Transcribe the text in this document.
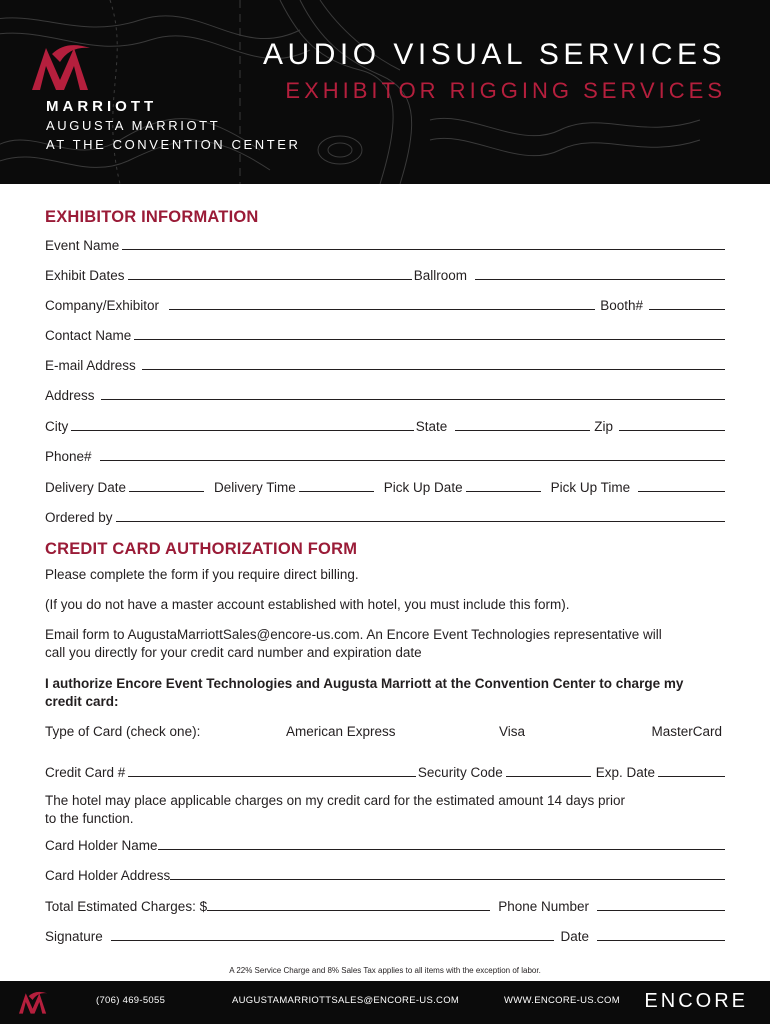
MARRIOTT
AUGUSTA MARRIOTT
AT THE CONVENTION CENTER
AUDIO VISUAL SERVICES
EXHIBITOR RIGGING SERVICES
EXHIBITOR INFORMATION
Event Name
Exhibit Dates	Ballroom
Company/Exhibitor	Booth#
Contact Name
E-mail Address
Address
City	State	Zip
Phone#
Delivery Date	Delivery Time	Pick Up Date	Pick Up Time
Ordered by
CREDIT CARD AUTHORIZATION FORM
Please complete the form if you require direct billing.
(If you do not have a master account established with hotel, you must include this form).
Email form to AugustaMarriottSales@encore-us.com. An Encore Event Technologies representative will
call you directly for your credit card number and expiration date
I authorize Encore Event Technologies and Augusta Marriott at the Convention Center to charge my
credit card:
Type of Card (check one):	American Express	Visa	MasterCard
Credit Card #	Security Code	Exp. Date
The hotel may place applicable charges on my credit card for the estimated amount 14 days prior
to the function.
Card Holder Name
Card Holder Address
Total Estimated Charges: $	Phone Number
Signature	Date
A 22% Service Charge and 8% Sales Tax applies to all items with the exception of labor.
(706) 469-5055	AUGUSTAMARRIOTTSALES@ENCORE-US.COM	WWW.ENCORE-US.COM ENCORE
